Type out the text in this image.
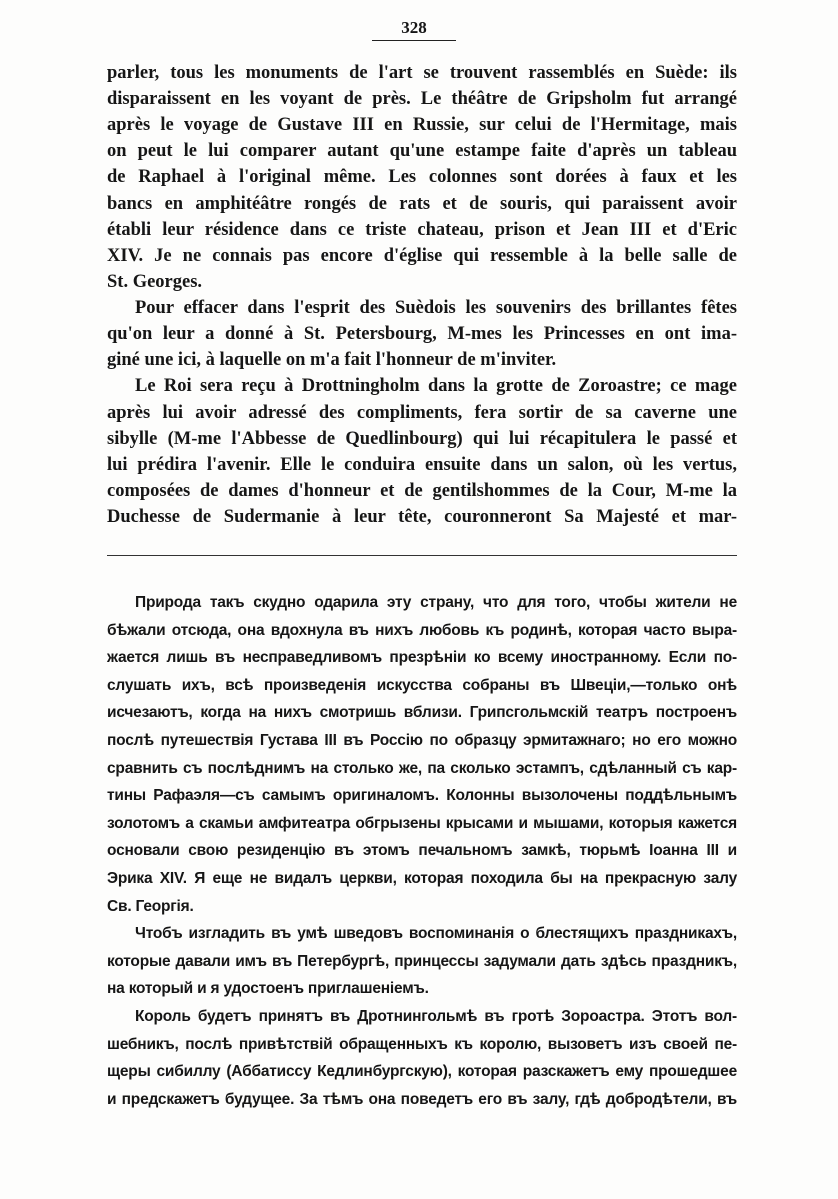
328
parler, tous les monuments de l'art se trouvent rassemblés en Suède: ils
disparaissent en les voyant de près. Le théâtre de Gripsholm fut arrangé
après le voyage de Gustave III en Russie, sur celui de l'Hermitage, mais
on peut le lui comparer autant qu'une estampe faite d'après un tableau
de Raphael à l'original même. Les colonnes sont dorées à faux et les
bancs en amphitéâtre rongés de rats et de souris, qui paraissent avoir
établi leur résidence dans ce triste chateau, prison et Jean III et d'Eric
XIV. Je ne connais pas encore d'église qui ressemble à la belle salle de
St. Georges.
Pour effacer dans l'esprit des Suèdois les souvenirs des brillantes fêtes
qu'on leur a donné à St. Petersbourg, M-mes les Princesses en ont ima-
giné une ici, à laquelle on m'a fait l'honneur de m'inviter.
Le Roi sera reçu à Drottningholm dans la grotte de Zoroastre; ce mage
après lui avoir adressé des compliments, fera sortir de sa caverne une
sibylle (M-me l'Abbesse de Quedlinbourg) qui lui récapitulera le passé et
lui prédira l'avenir. Elle le conduira ensuite dans un salon, où les vertus,
composées de dames d'honneur et de gentilshommes de la Cour, M-me la
Duchesse de Sudermanie à leur tête, couronneront Sa Majesté et mar-
Природа такъ скудно одарила эту страну, что для того, чтобы жители не
бѣжали отсюда, она вдохнула въ нихъ любовь къ родинѣ, которая часто выра-
жается лишь въ несправедливомъ презрѣніи ко всему иностранному. Если по-
слушать ихъ, всѣ произведенія искусства собраны въ Швеціи,—только онѣ
исчезаютъ, когда на нихъ смотришь вблизи. Грипсгольмскій театръ построенъ
послѣ путешествія Густава III въ Россію по образцу эрмитажнаго; но его можно
сравнить съ послѣднимъ на столько же, па сколько эстампъ, сдѣланный съ кар-
тины Рафаэля—съ самымъ оригиналомъ. Колонны вызолочены поддѣльнымъ
золотомъ а скамьи амфитеатра обгрызены крысами и мышами, которыя кажется
основали свою резиденцію въ этомъ печальномъ замкѣ, тюрьмѣ Іоанна III и
Эрика XIV. Я еще не видалъ церкви, которая походила бы на прекрасную залу
Св. Георгія.
Чтобъ изгладить въ умѣ шведовъ воспоминанія о блестящихъ праздникахъ,
которые давали имъ въ Петербургѣ, принцессы задумали дать здѣсь праздникъ,
на который и я удостоенъ приглашеніемъ.
Король будетъ принятъ въ Дротнингольмѣ въ гротѣ Зороастра. Этотъ вол-
шебникъ, послѣ привѣтствій обращенныхъ къ королю, вызоветъ изъ своей пе-
щеры сибиллу (Аббатиссу Кедлинбургскую), которая разскажетъ ему прошедшее
и предскажетъ будущее. За тѣмъ она поведетъ его въ залу, гдѣ добродѣтели, въ
